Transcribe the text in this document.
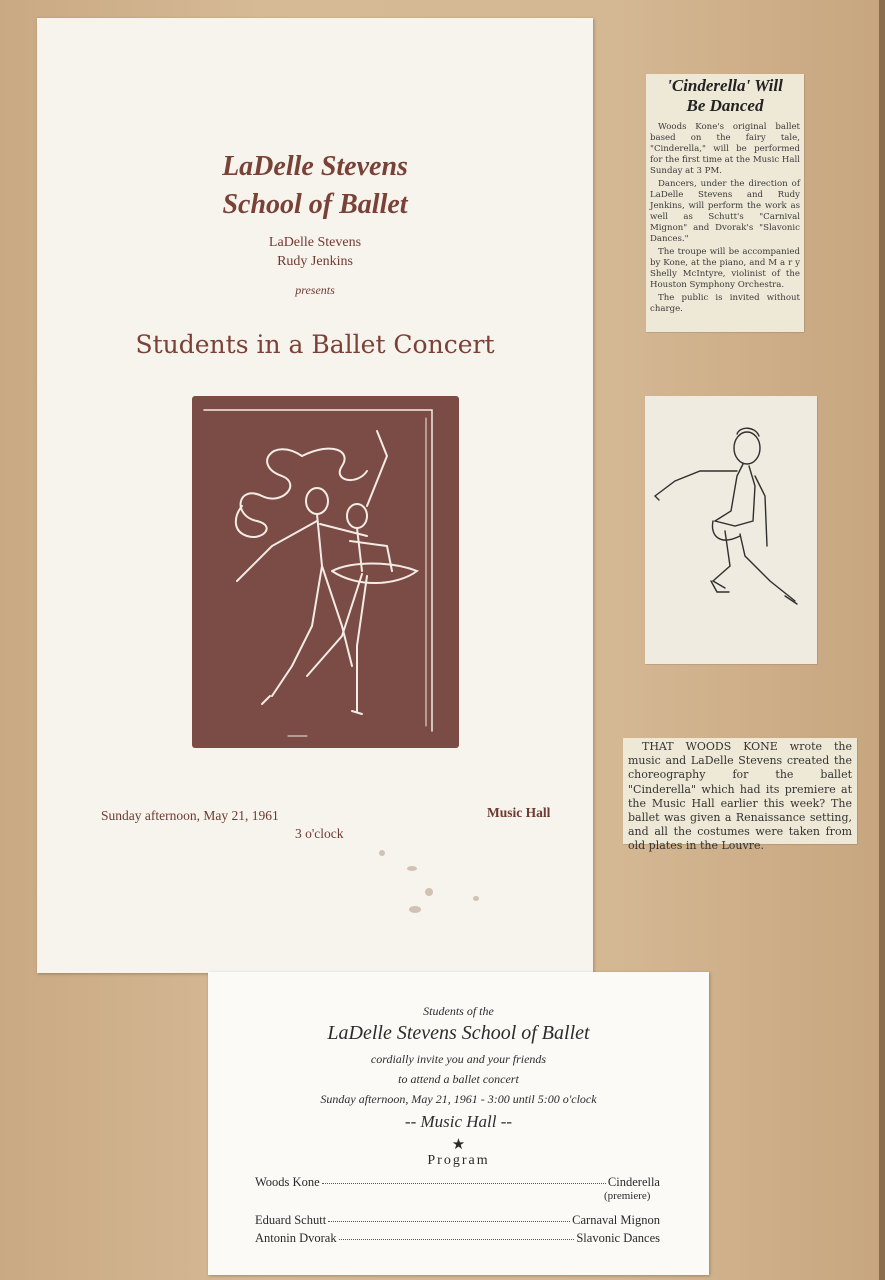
LaDelle Stevens
School of Ballet
LaDelle Stevens
Rudy Jenkins
presents
Students in a Ballet Concert
Sunday afternoon, May 21, 1961
3 o'clock
Music Hall
'Cinderella' Will
Be Danced

Woods Kone's original ballet based on the fairy tale, "Cinderella," will be performed for the first time at the Music Hall Sunday at 3 PM.

Dancers, under the direction of LaDelle Stevens and Rudy Jenkins, will perform the work as well as Schutt's "Carnival Mignon" and Dvorak's "Slavonic Dances."

The troupe will be accompanied by Kone, at the piano, and M a r y Shelly McIntyre, violinist of the Houston Symphony Orchestra.

The public is invited without charge.

THAT WOODS KONE wrote the music and LaDelle Stevens created the choreography for the ballet "Cinderella" which had its premiere at the Music Hall earlier this week? The ballet was given a Renaissance setting, and all the costumes were taken from old plates in the Louvre.

Students of the
LaDelle Stevens School of Ballet
cordially invite you and your friends
to attend a ballet concert
Sunday afternoon, May 21, 1961 - 3:00 until 5:00 o'clock
-- Music Hall --
★
Program
Woods Kone	Cinderella
(premiere)
Eduard Schutt	Carnaval Mignon
Antonin Dvorak	Slavonic Dances
